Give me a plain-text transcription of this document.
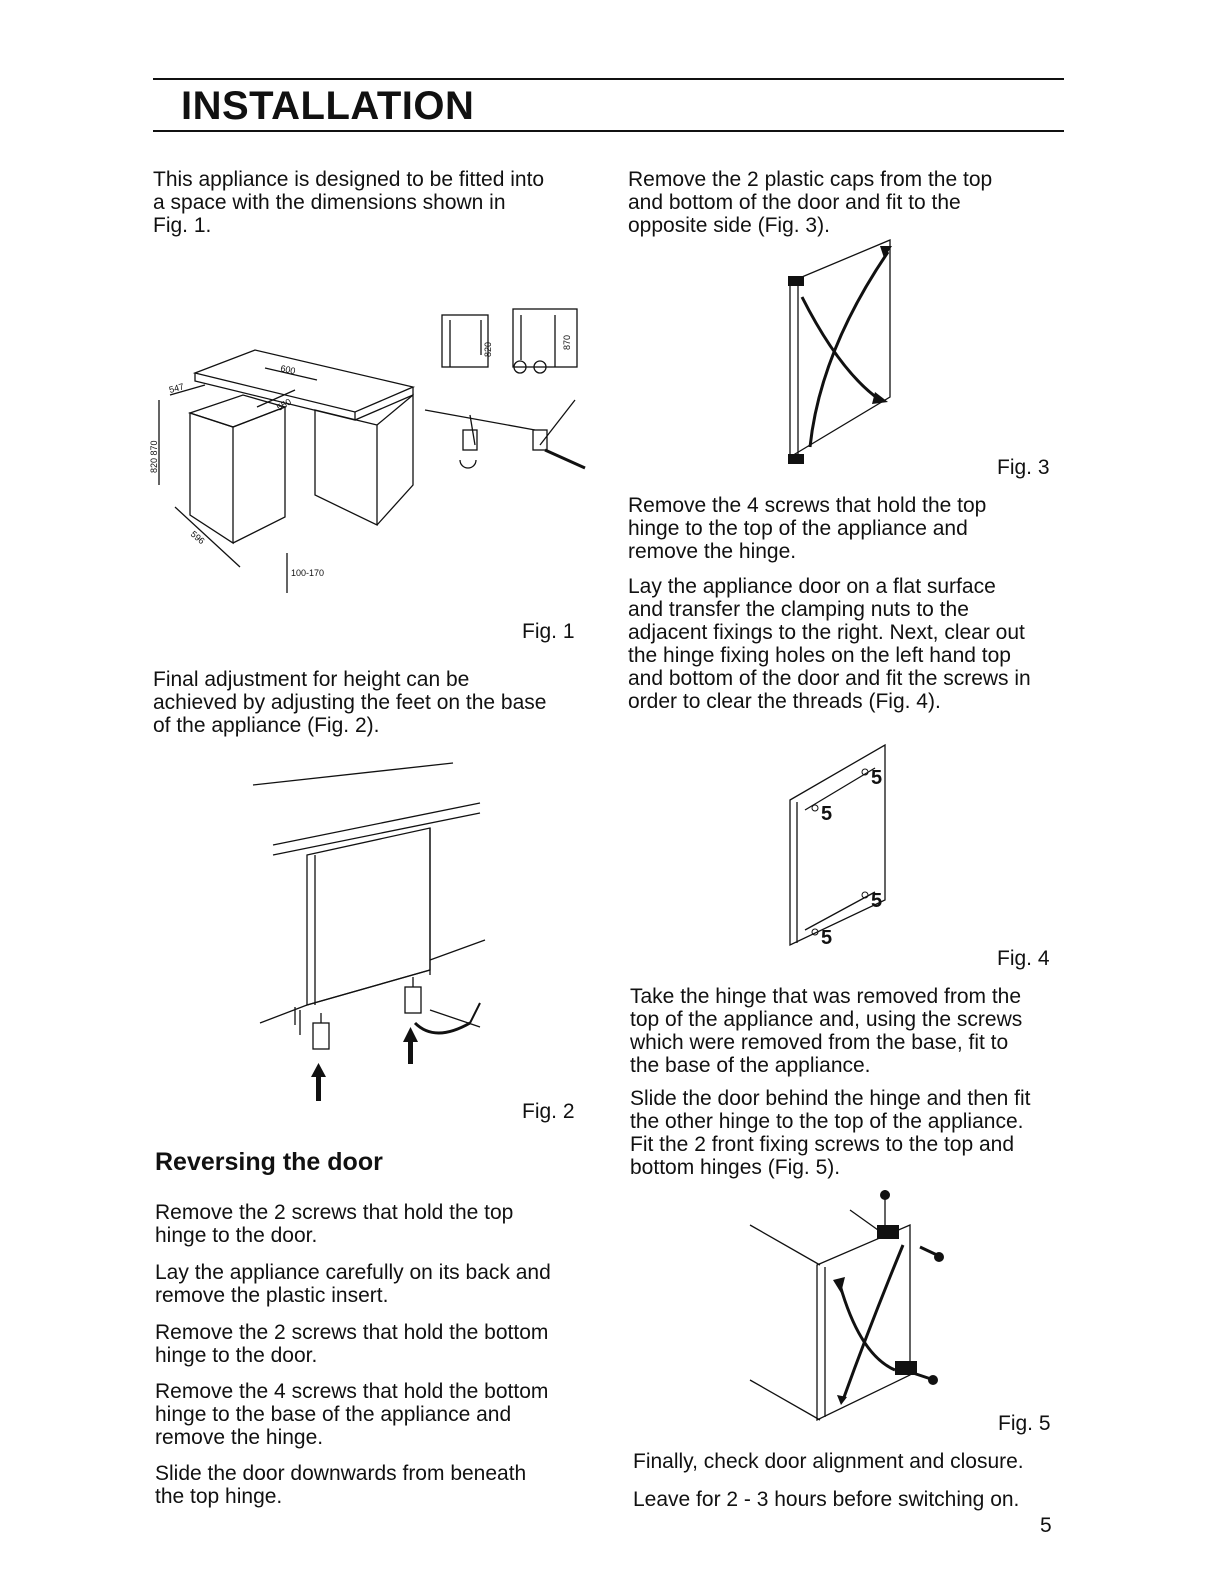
INSTALLATION

This appliance is designed to be fitted into
a space with the dimensions shown in
Fig. 1.

600
547
550
820 870
596
100-170
820	870
Fig. 1

Final adjustment for height can be
achieved by adjusting the feet on the base
of the appliance (Fig. 2).

Fig. 2
Reversing the door

Remove the 2 screws that hold the top
hinge to the door.

Lay the appliance carefully on its back and
remove the plastic insert.

Remove the 2 screws that hold the bottom
hinge to the door.

Remove the 4 screws that hold the bottom
hinge to the base of the appliance and
remove the hinge.

Slide the door downwards from beneath
the top hinge.

Remove the 2 plastic caps from the top
and bottom of the door and fit to the
opposite side (Fig. 3).

Fig. 3

Remove the 4 screws that hold the top
hinge to the top of the appliance and
remove the hinge.

Lay the appliance door on a flat surface
and transfer the clamping nuts to the
adjacent fixings to the right. Next, clear out
the hinge fixing holes on the left hand top
and bottom of the door and fit the screws in
order to clear the threads (Fig. 4).

5
5
5
5
Fig. 4

Take the hinge that was removed from the
top of the appliance and, using the screws
which were removed from the base, fit to
the base of the appliance.

Slide the door behind the hinge and then fit
the other hinge to the top of the appliance.
Fit the 2 front fixing screws to the top and
bottom hinges (Fig. 5).

Fig. 5

Finally, check door alignment and closure.

Leave for 2 - 3 hours before switching on.

5
